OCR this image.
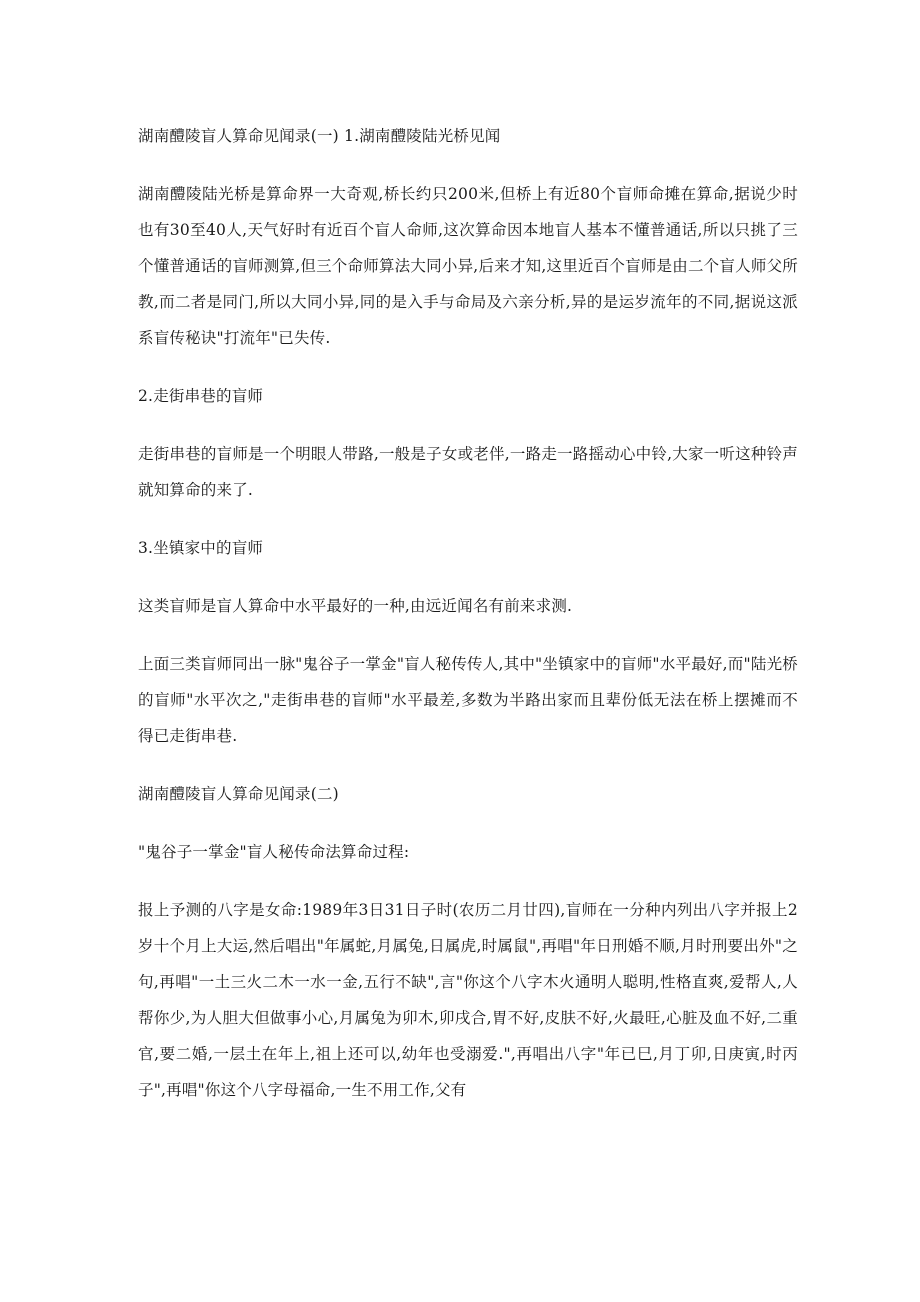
湖南醴陵盲人算命见闻录(一) 1.湖南醴陵陆光桥见闻

湖南醴陵陆光桥是算命界一大奇观,桥长约只200米,但桥上有近80个盲师命摊在算命,据说少时也有30至40人,天气好时有近百个盲人命师,这次算命因本地盲人基本不懂普通话,所以只挑了三个懂普通话的盲师测算,但三个命师算法大同小异,后来才知,这里近百个盲师是由二个盲人师父所教,而二者是同门,所以大同小异,同的是入手与命局及六亲分析,异的是运岁流年的不同,据说这派系盲传秘诀"打流年"已失传.

2.走街串巷的盲师

走街串巷的盲师是一个明眼人带路,一般是子女或老伴,一路走一路摇动心中铃,大家一听这种铃声就知算命的来了.

3.坐镇家中的盲师

这类盲师是盲人算命中水平最好的一种,由远近闻名有前来求测.

上面三类盲师同出一脉"鬼谷子一掌金"盲人秘传传人,其中"坐镇家中的盲师"水平最好,而"陆光桥的盲师"水平次之,"走街串巷的盲师"水平最差,多数为半路出家而且辈份低无法在桥上摆摊而不得已走街串巷.

湖南醴陵盲人算命见闻录(二)

"鬼谷子一掌金"盲人秘传命法算命过程:

报上予测的八字是女命:1989年3日31日子时(农历二月廿四),盲师在一分种内列出八字并报上2岁十个月上大运,然后唱出"年属蛇,月属兔,日属虎,时属鼠",再唱"年日刑婚不顺,月时刑要出外"之句,再唱"一土三火二木一水一金,五行不缺",言"你这个八字木火通明人聪明,性格直爽,爱帮人,人帮你少,为人胆大但做事小心,月属兔为卯木,卯戌合,胃不好,皮肤不好,火最旺,心脏及血不好,二重官,要二婚,一层土在年上,祖上还可以,幼年也受溺爱.",再唱出八字"年已巳,月丁卯,日庚寅,时丙子",再唱"你这个八字母福命,一生不用工作,父有
